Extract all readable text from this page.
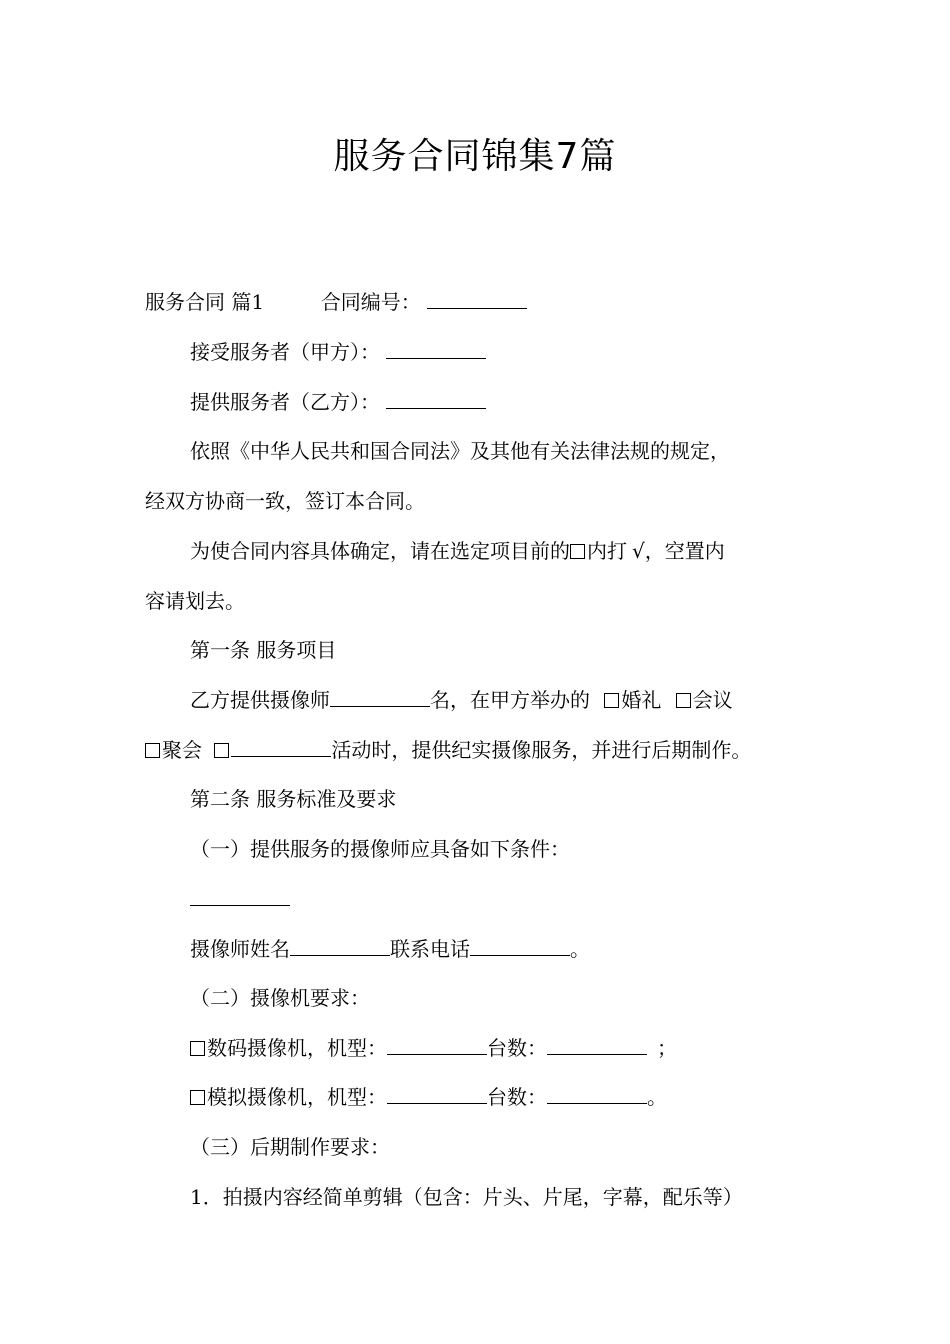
服务合同锦集7篇
服务合同 篇1	合同编号：
接受服务者（甲方）：
提供服务者（乙方）：
依照《中华人民共和国合同法》及其他有关法律法规的规定，
经双方协商一致，签订本合同。
为使合同内容具体确定，请在选定项目前的 内打 √，空置内
容请划去。
第一条 服务项目
乙方提供摄像师	名，在甲方举办的 婚礼 会议
聚会	活动时，提供纪实摄像服务，并进行后期制作。
第二条 服务标准及要求
（一）提供服务的摄像师应具备如下条件：
摄像师姓名	联系电话	。
（二）摄像机要求：
数码摄像机，机型：	台数：	；
模拟摄像机，机型：	台数：	。
（三）后期制作要求：
1．拍摄内容经简单剪辑（包含：片头、片尾，字幕，配乐等）
